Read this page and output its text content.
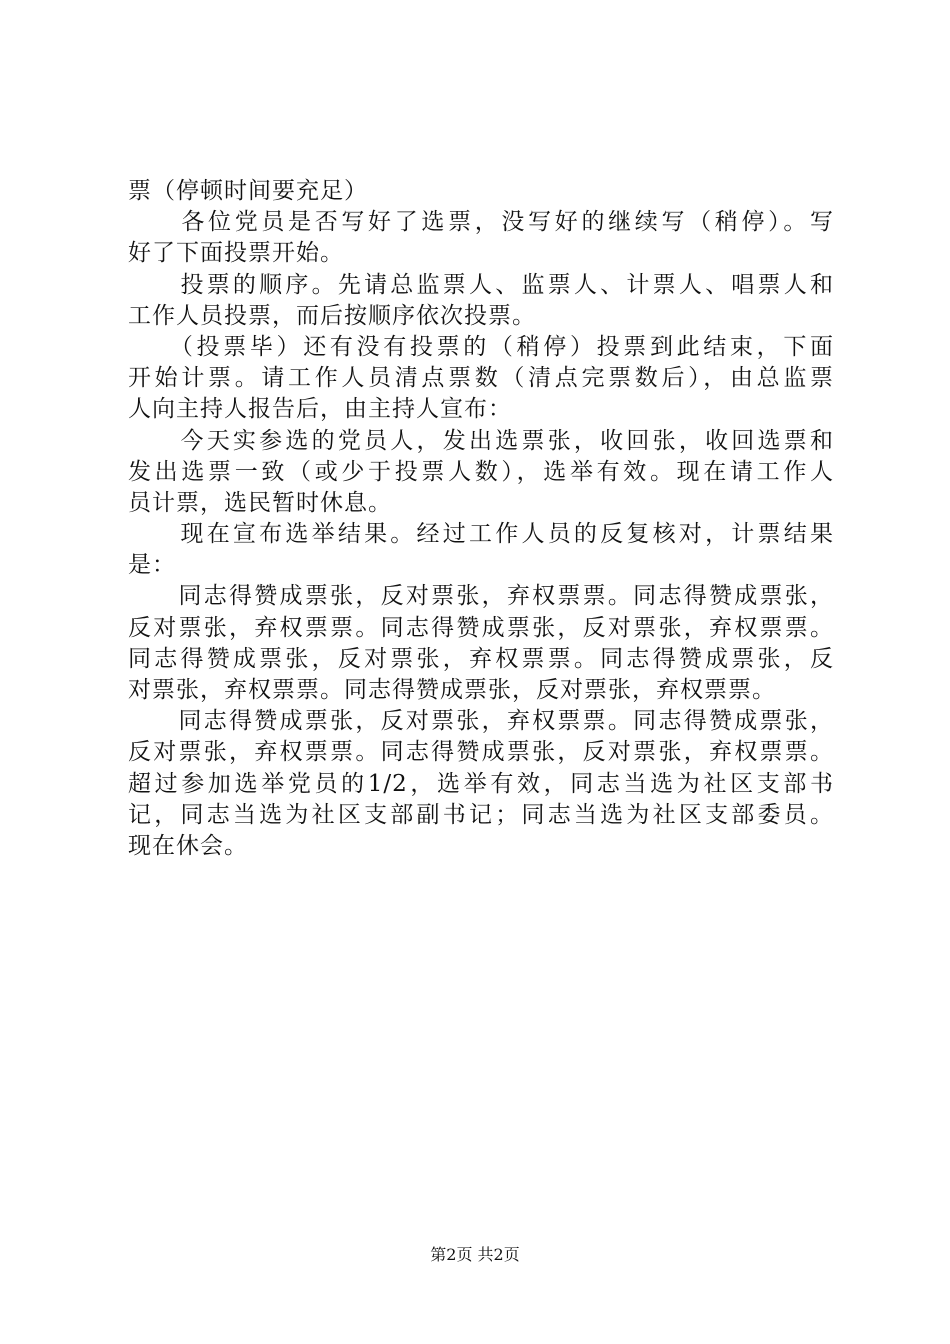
票（停顿时间要充足）
　　各位党员是否写好了选票，没写好的继续写（稍停）。写
好了下面投票开始。
　　投票的顺序。先请总监票人、监票人、计票人、唱票人和
工作人员投票，而后按顺序依次投票。
　　（投票毕）还有没有投票的（稍停）投票到此结束，下面
开始计票。请工作人员清点票数（清点完票数后），由总监票
人向主持人报告后，由主持人宣布：
　　今天实参选的党员人，发出选票张，收回张，收回选票和
发出选票一致（或少于投票人数），选举有效。现在请工作人
员计票，选民暂时休息。
　　现在宣布选举结果。经过工作人员的反复核对，计票结果
是：
　　同志得赞成票张，反对票张，弃权票票。同志得赞成票张，
反对票张，弃权票票。同志得赞成票张，反对票张，弃权票票。
同志得赞成票张，反对票张，弃权票票。同志得赞成票张，反
对票张，弃权票票。同志得赞成票张，反对票张，弃权票票。
　　同志得赞成票张，反对票张，弃权票票。同志得赞成票张，
反对票张，弃权票票。同志得赞成票张，反对票张，弃权票票。
超过参加选举党员的1/2，选举有效，同志当选为社区支部书
记，同志当选为社区支部副书记；同志当选为社区支部委员。
现在休会。
第2页 共2页
